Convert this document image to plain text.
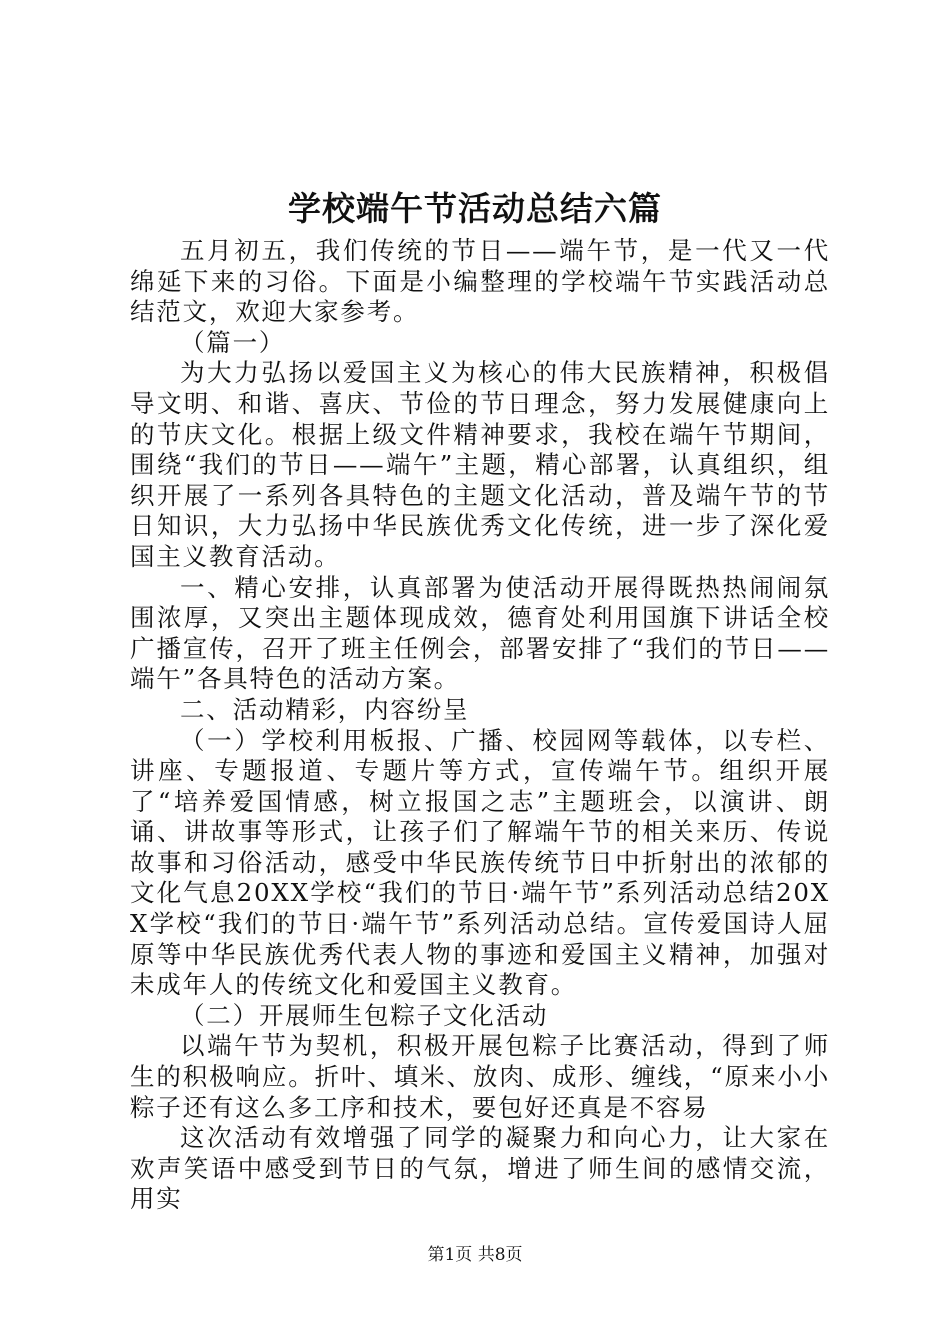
学校端午节活动总结六篇

五月初五，我们传统的节日——端午节，是一代又一代绵延下来的习俗。下面是小编整理的学校端午节实践活动总结范文，欢迎大家参考。

（篇一）

为大力弘扬以爱国主义为核心的伟大民族精神，积极倡导文明、和谐、喜庆、节俭的节日理念，努力发展健康向上的节庆文化。根据上级文件精神要求，我校在端午节期间，围绕“我们的节日——端午”主题，精心部署，认真组织，组织开展了一系列各具特色的主题文化活动，普及端午节的节日知识，大力弘扬中华民族优秀文化传统，进一步了深化爱国主义教育活动。

一、精心安排，认真部署为使活动开展得既热热闹闹氛围浓厚，又突出主题体现成效，德育处利用国旗下讲话全校广播宣传，召开了班主任例会，部署安排了“我们的节日——端午”各具特色的活动方案。

二、活动精彩，内容纷呈

（一）学校利用板报、广播、校园网等载体，以专栏、讲座、专题报道、专题片等方式，宣传端午节。组织开展了“培养爱国情感，树立报国之志”主题班会，以演讲、朗诵、讲故事等形式，让孩子们了解端午节的相关来历、传说故事和习俗活动，感受中华民族传统节日中折射出的浓郁的文化气息20XX学校“我们的节日·端午节”系列活动总结20XX学校“我们的节日·端午节”系列活动总结。宣传爱国诗人屈原等中华民族优秀代表人物的事迹和爱国主义精神，加强对未成年人的传统文化和爱国主义教育。

（二）开展师生包粽子文化活动

以端午节为契机，积极开展包粽子比赛活动，得到了师生的积极响应。折叶、填米、放肉、成形、缠线，“原来小小粽子还有这么多工序和技术，要包好还真是不容易

这次活动有效增强了同学的凝聚力和向心力，让大家在欢声笑语中感受到节日的气氛，增进了师生间的感情交流，用实

第1页 共8页
